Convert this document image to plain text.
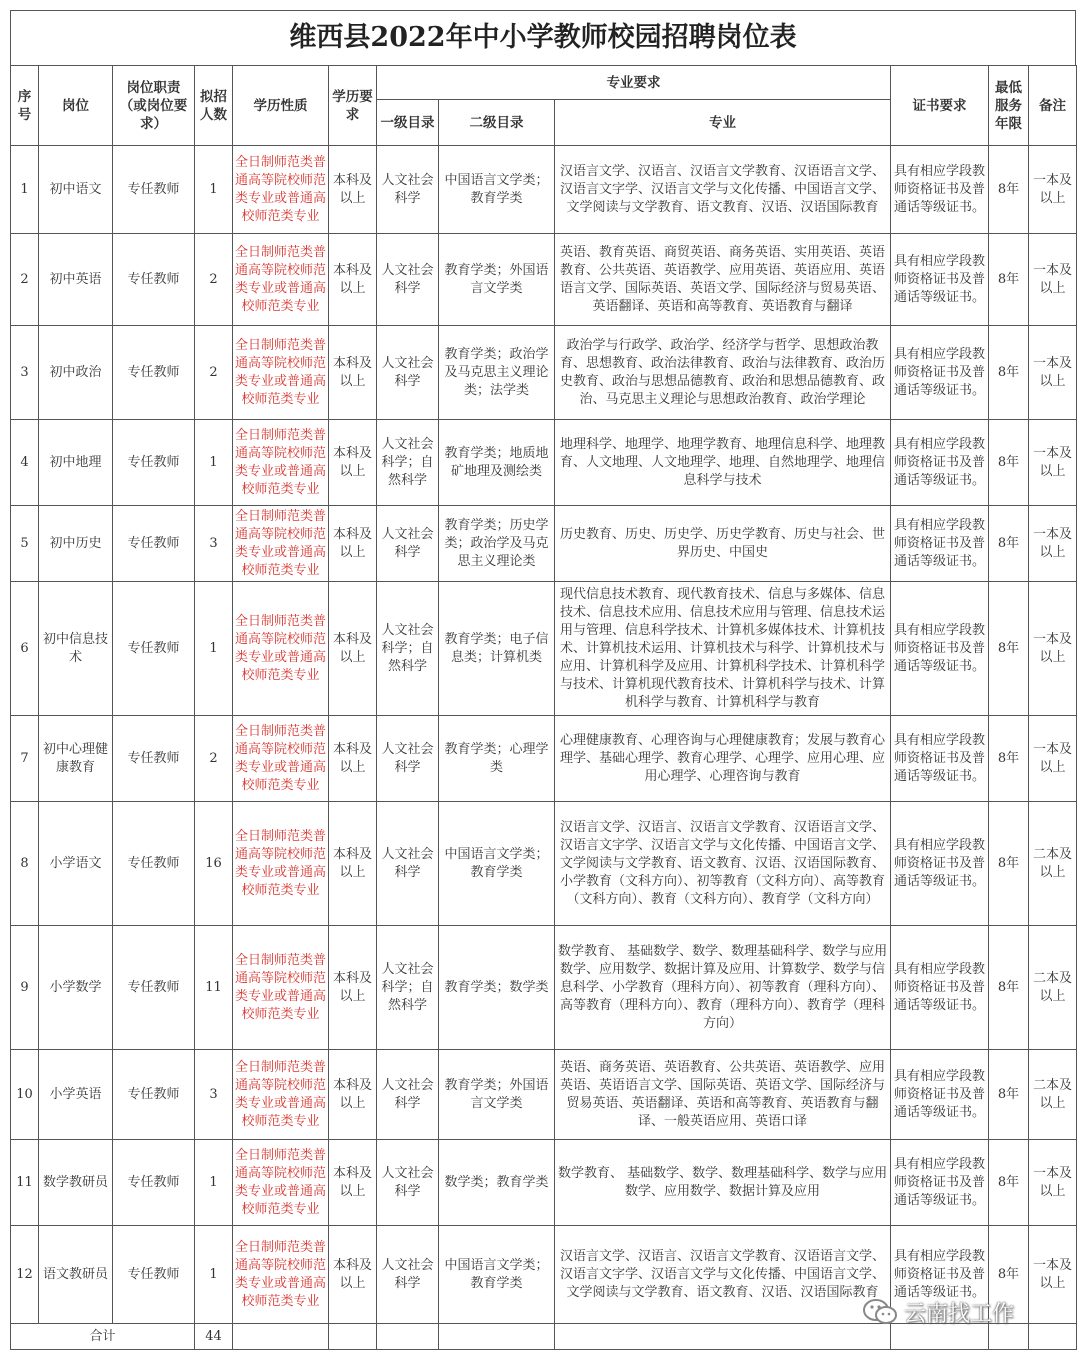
维西县2022年中小学教师校园招聘岗位表
序号	岗位	岗位职责（或岗位要求）	拟招人数	学历性质	学历要求	专业要求			证书要求	最低服务年限	备注
						一级目录	二级目录	专业			

1	初中语文	专任教师	1	全日制师范类普通高等院校师范类专业或普通高校师范类专业	本科及以上	人文社会科学	中国语言文学类；教育学类	汉语言文学、汉语言、汉语言文学教育、汉语语言文学、汉语言文字学、汉语言文学与文化传播、中国语言文学、文学阅读与文学教育、语文教育、汉语、汉语国际教育	具有相应学段教师资格证书及普通话等级证书。	8年	一本及以上

2	初中英语	专任教师	2	全日制师范类普通高等院校师范类专业或普通高校师范类专业	本科及以上	人文社会科学	教育学类；外国语言文学类	英语、教育英语、商贸英语、商务英语、实用英语、英语教育、公共英语、英语教学、应用英语、英语应用、英语语言文学、国际英语、英语文学、国际经济与贸易英语、英语翻译、英语和高等教育、英语教育与翻译	具有相应学段教师资格证书及普通话等级证书。	8年	一本及以上

3	初中政治	专任教师	2	全日制师范类普通高等院校师范类专业或普通高校师范类专业	本科及以上	人文社会科学	教育学类；政治学及马克思主义理论类；法学类	政治学与行政学、政治学、经济学与哲学、思想政治教育、思想教育、政治法律教育、政治与法律教育、政治历史教育、政治与思想品德教育、政治和思想品德教育、政治、马克思主义理论与思想政治教育、政治学理论	具有相应学段教师资格证书及普通话等级证书。	8年	一本及以上

4	初中地理	专任教师	1	全日制师范类普通高等院校师范类专业或普通高校师范类专业	本科及以上	人文社会科学；自然科学	教育学类；地质地矿地理及测绘类	地理科学、地理学、地理学教育、地理信息科学、地理教育、人文地理、人文地理学、地理、自然地理学、地理信息科学与技术	具有相应学段教师资格证书及普通话等级证书。	8年	一本及以上

5	初中历史	专任教师	3	全日制师范类普通高等院校师范类专业或普通高校师范类专业	本科及以上	人文社会科学	教育学类；历史学类；政治学及马克思主义理论类	历史教育、历史、历史学、历史学教育、历史与社会、世界历史、中国史	具有相应学段教师资格证书及普通话等级证书。	8年	一本及以上

6	初中信息技术	专任教师	1	全日制师范类普通高等院校师范类专业或普通高校师范类专业	本科及以上	人文社会科学；自然科学	教育学类；电子信息类；计算机类	现代信息技术教育、现代教育技术、信息与多媒体、信息技术、信息技术应用、信息技术应用与管理、信息技术运用与管理、信息科学技术、计算机多媒体技术、计算机技术、计算机技术运用、计算机技术与科学、计算机技术与应用、计算机科学及应用、计算机科学技术、计算机科学与技术、计算机现代教育技术、计算机科学与技术、计算机科学与教育、计算机科学与教育	具有相应学段教师资格证书及普通话等级证书。	8年	一本及以上

7	初中心理健康教育	专任教师	2	全日制师范类普通高等院校师范类专业或普通高校师范类专业	本科及以上	人文社会科学	教育学类；心理学类	心理健康教育、心理咨询与心理健康教育；发展与教育心理学、基础心理学、教育心理学、心理学、应用心理、应用心理学、心理咨询与教育	具有相应学段教师资格证书及普通话等级证书。	8年	一本及以上

8	小学语文	专任教师	16	全日制师范类普通高等院校师范类专业或普通高校师范类专业	本科及以上	人文社会科学	中国语言文学类；教育学类	汉语言文学、汉语言、汉语言文学教育、汉语语言文学、汉语言文字学、汉语言文学与文化传播、中国语言文学、文学阅读与文学教育、语文教育、汉语、汉语国际教育、小学教育（文科方向）、初等教育（文科方向）、高等教育（文科方向）、教育（文科方向）、教育学（文科方向）	具有相应学段教师资格证书及普通话等级证书。	8年	二本及以上

9	小学数学	专任教师	11	全日制师范类普通高等院校师范类专业或普通高校师范类专业	本科及以上	人文社会科学；自然科学	教育学类；数学类	数学教育、 基础数学、数学、数理基础科学、数学与应用数学、应用数学、数据计算及应用、计算数学、数学与信息科学、小学教育（理科方向）、初等教育（理科方向）、高等教育（理科方向）、教育（理科方向）、教育学（理科方向）	具有相应学段教师资格证书及普通话等级证书。	8年	二本及以上

10	小学英语	专任教师	3	全日制师范类普通高等院校师范类专业或普通高校师范类专业	本科及以上	人文社会科学	教育学类；外国语言文学类	英语、商务英语、英语教育、公共英语、英语教学、应用英语、英语语言文学、国际英语、英语文学、国际经济与贸易英语、英语翻译、英语和高等教育、英语教育与翻译、一般英语应用、英语口译	具有相应学段教师资格证书及普通话等级证书。	8年	二本及以上

11	数学教研员	专任教师	1	全日制师范类普通高等院校师范类专业或普通高校师范类专业	本科及以上	人文社会科学	数学类；教育学类	数学教育、 基础数学、数学、数理基础科学、数学与应用数学、应用数学、数据计算及应用	具有相应学段教师资格证书及普通话等级证书。	8年	一本及以上

12	语文教研员	专任教师	1	全日制师范类普通高等院校师范类专业或普通高校师范类专业	本科及以上	人文社会科学	中国语言文学类；教育学类	汉语言文学、汉语言、汉语言文学教育、汉语语言文学、汉语言文字学、汉语言文学与文化传播、中国语言文学、文学阅读与文学教育、语文教育、汉语、汉语国际教育	具有相应学段教师资格证书及普通话等级证书。	8年	一本及以上

合计			44								
云南找工作
